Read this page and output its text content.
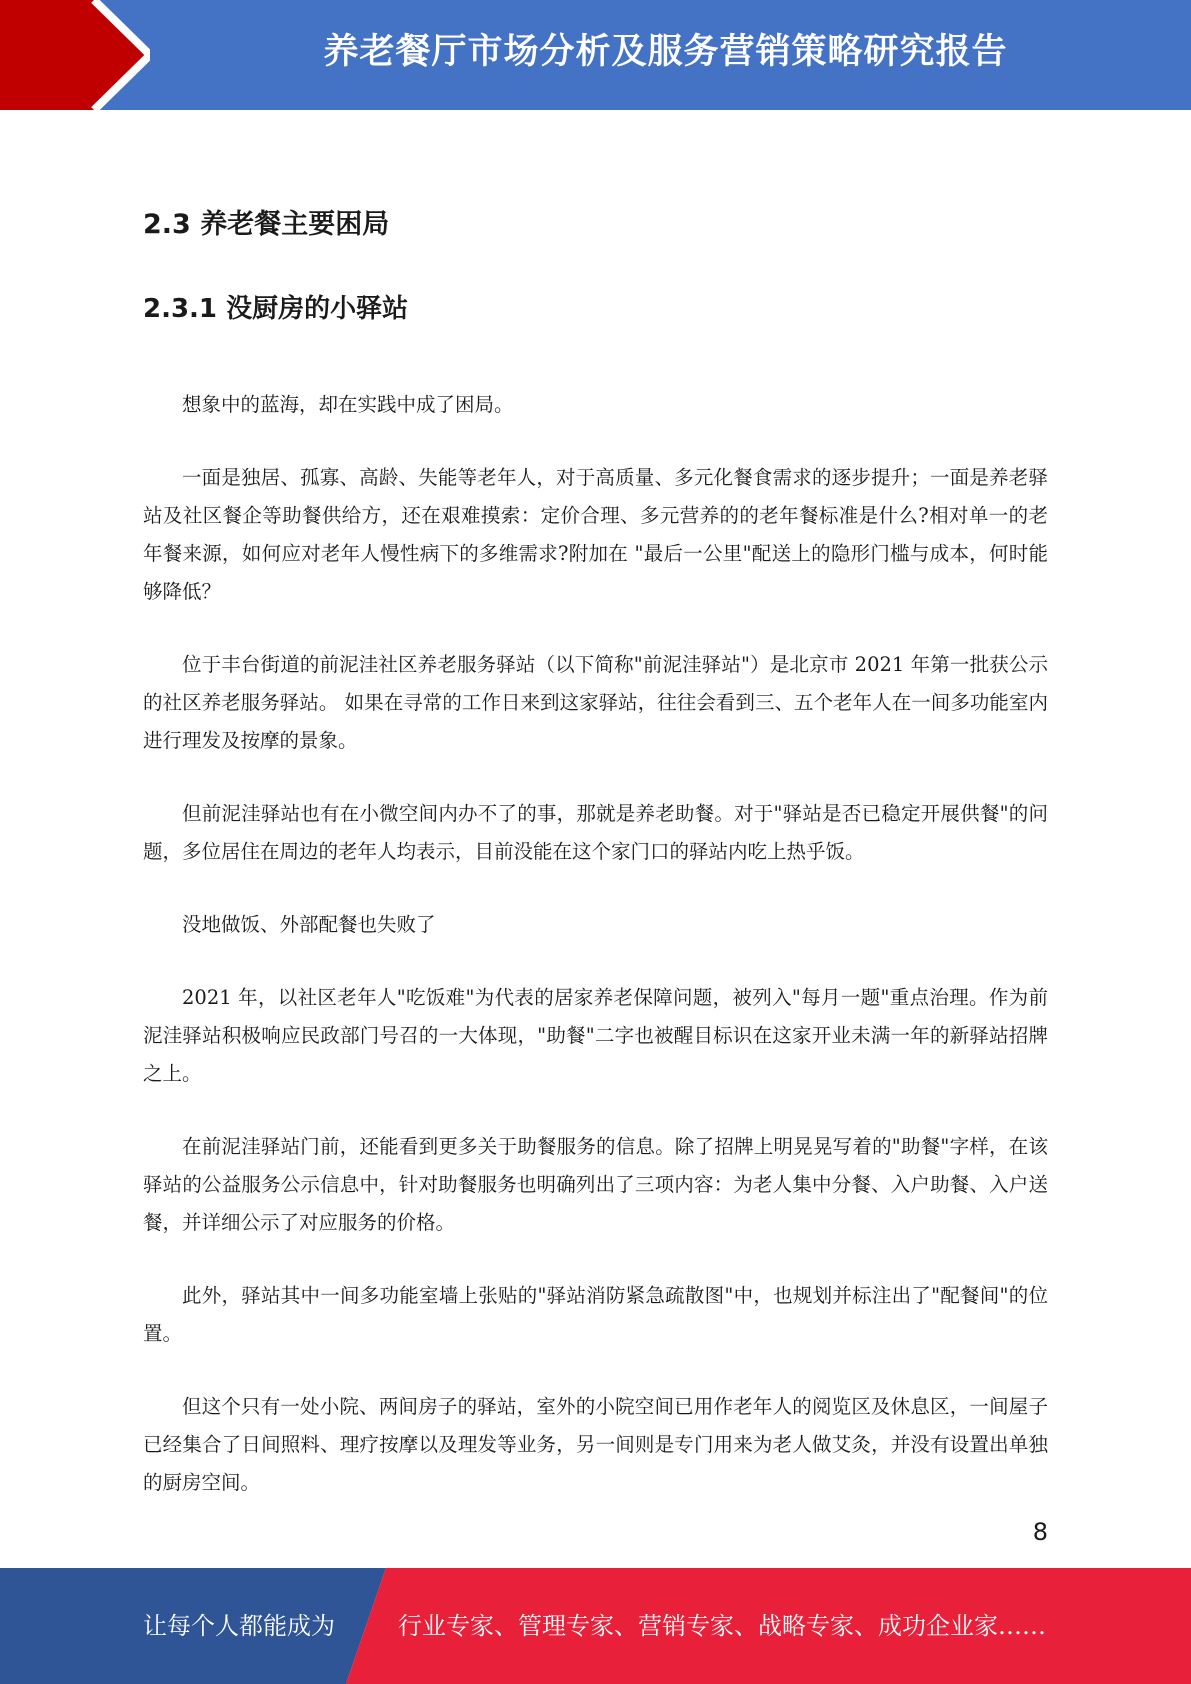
养老餐厅市场分析及服务营销策略研究报告
2.3 养老餐主要困局
2.3.1 没厨房的小驿站

想象中的蓝海，却在实践中成了困局。

一面是独居、孤寡、高龄、失能等老年人，对于高质量、多元化餐食需求的逐步提升；一面是养老驿站及社区餐企等助餐供给方，还在艰难摸索：定价合理、多元营养的的老年餐标准是什么?相对单一的老年餐来源，如何应对老年人慢性病下的多维需求?附加在 "最后一公里"配送上的隐形门槛与成本，何时能够降低？

位于丰台街道的前泥洼社区养老服务驿站（以下简称"前泥洼驿站"）是北京市 2021 年第一批获公示的社区养老服务驿站。 如果在寻常的工作日来到这家驿站，往往会看到三、五个老年人在一间多功能室内进行理发及按摩的景象。

但前泥洼驿站也有在小微空间内办不了的事，那就是养老助餐。对于"驿站是否已稳定开展供餐"的问题，多位居住在周边的老年人均表示，目前没能在这个家门口的驿站内吃上热乎饭。

没地做饭、外部配餐也失败了

2021 年，以社区老年人"吃饭难"为代表的居家养老保障问题，被列入"每月一题"重点治理。作为前泥洼驿站积极响应民政部门号召的一大体现，"助餐"二字也被醒目标识在这家开业未满一年的新驿站招牌之上。

在前泥洼驿站门前，还能看到更多关于助餐服务的信息。除了招牌上明晃晃写着的"助餐"字样，在该驿站的公益服务公示信息中，针对助餐服务也明确列出了三项内容：为老人集中分餐、入户助餐、入户送餐，并详细公示了对应服务的价格。

此外，驿站其中一间多功能室墙上张贴的"驿站消防紧急疏散图"中，也规划并标注出了"配餐间"的位置。

但这个只有一处小院、两间房子的驿站，室外的小院空间已用作老年人的阅览区及休息区，一间屋子已经集合了日间照料、理疗按摩以及理发等业务，另一间则是专门用来为老人做艾灸，并没有设置出单独的厨房空间。

8
让每个人都能成为	行业专家、管理专家、营销专家、战略专家、成功企业家……
